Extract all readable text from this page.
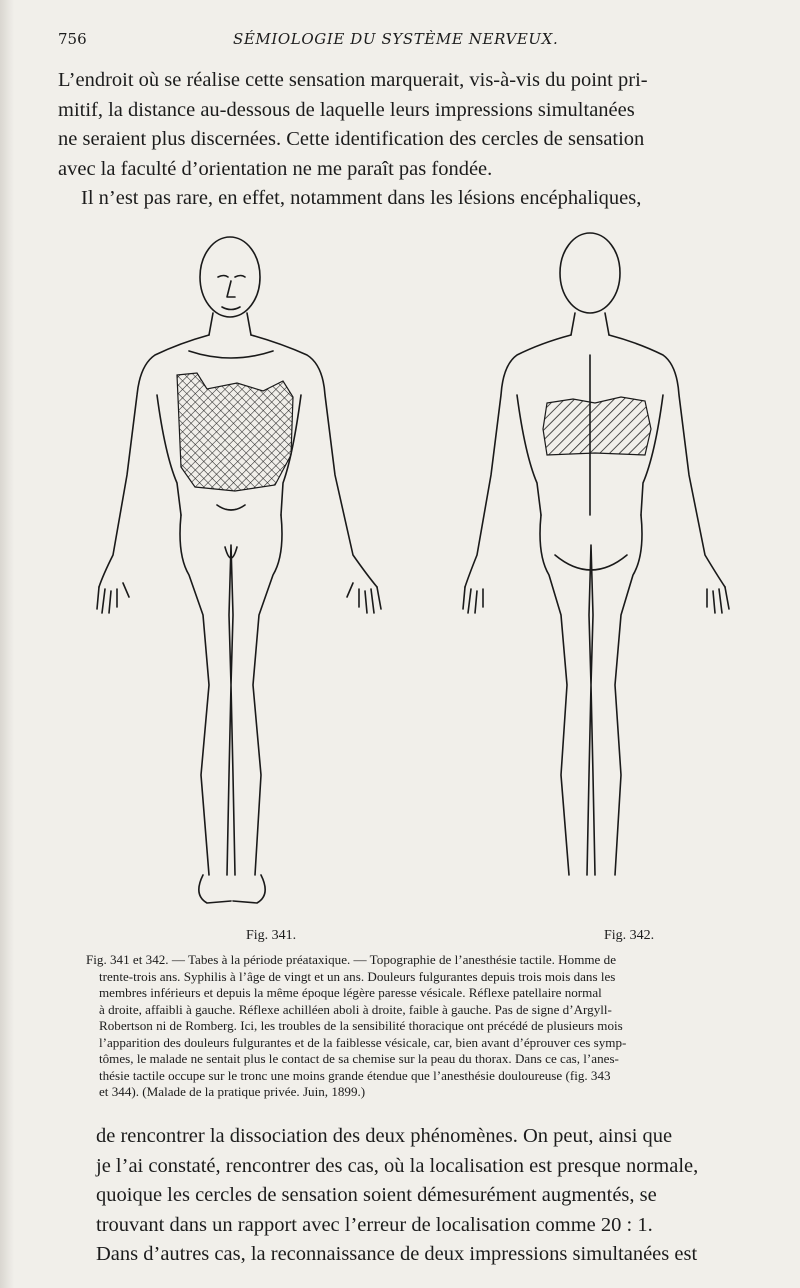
756	SÉMIOLOGIE DU SYSTÈME NERVEUX.
L’endroit où se réalise cette sensation marquerait, vis-à-vis du point pri-
mitif, la distance au-dessous de laquelle leurs impressions simultanées
ne seraient plus discernées. Cette identification des cercles de sensation
avec la faculté d’orientation ne me paraît pas fondée.
Il n’est pas rare, en effet, notamment dans les lésions encéphaliques,
Fig. 341.	Fig. 342.
Fig. 341 et 342. — Tabes à la période préataxique. — Topographie de l’anesthésie tactile. Homme de
trente-trois ans. Syphilis à l’âge de vingt et un ans. Douleurs fulgurantes depuis trois mois dans les
membres inférieurs et depuis la même époque légère paresse vésicale. Réflexe patellaire normal
à droite, affaibli à gauche. Réflexe achilléen aboli à droite, faible à gauche. Pas de signe d’Argyll-
Robertson ni de Romberg. Ici, les troubles de la sensibilité thoracique ont précédé de plusieurs mois
l’apparition des douleurs fulgurantes et de la faiblesse vésicale, car, bien avant d’éprouver ces symp-
tômes, le malade ne sentait plus le contact de sa chemise sur la peau du thorax. Dans ce cas, l’anes-
thésie tactile occupe sur le tronc une moins grande étendue que l’anesthésie douloureuse (fig. 343
et 344). (Malade de la pratique privée. Juin, 1899.)
de rencontrer la dissociation des deux phénomènes. On peut, ainsi que
je l’ai constaté, rencontrer des cas, où la localisation est presque normale,
quoique les cercles de sensation soient démesurément augmentés, se
trouvant dans un rapport avec l’erreur de localisation comme 20 : 1.
Dans d’autres cas, la reconnaissance de deux impressions simultanées est
